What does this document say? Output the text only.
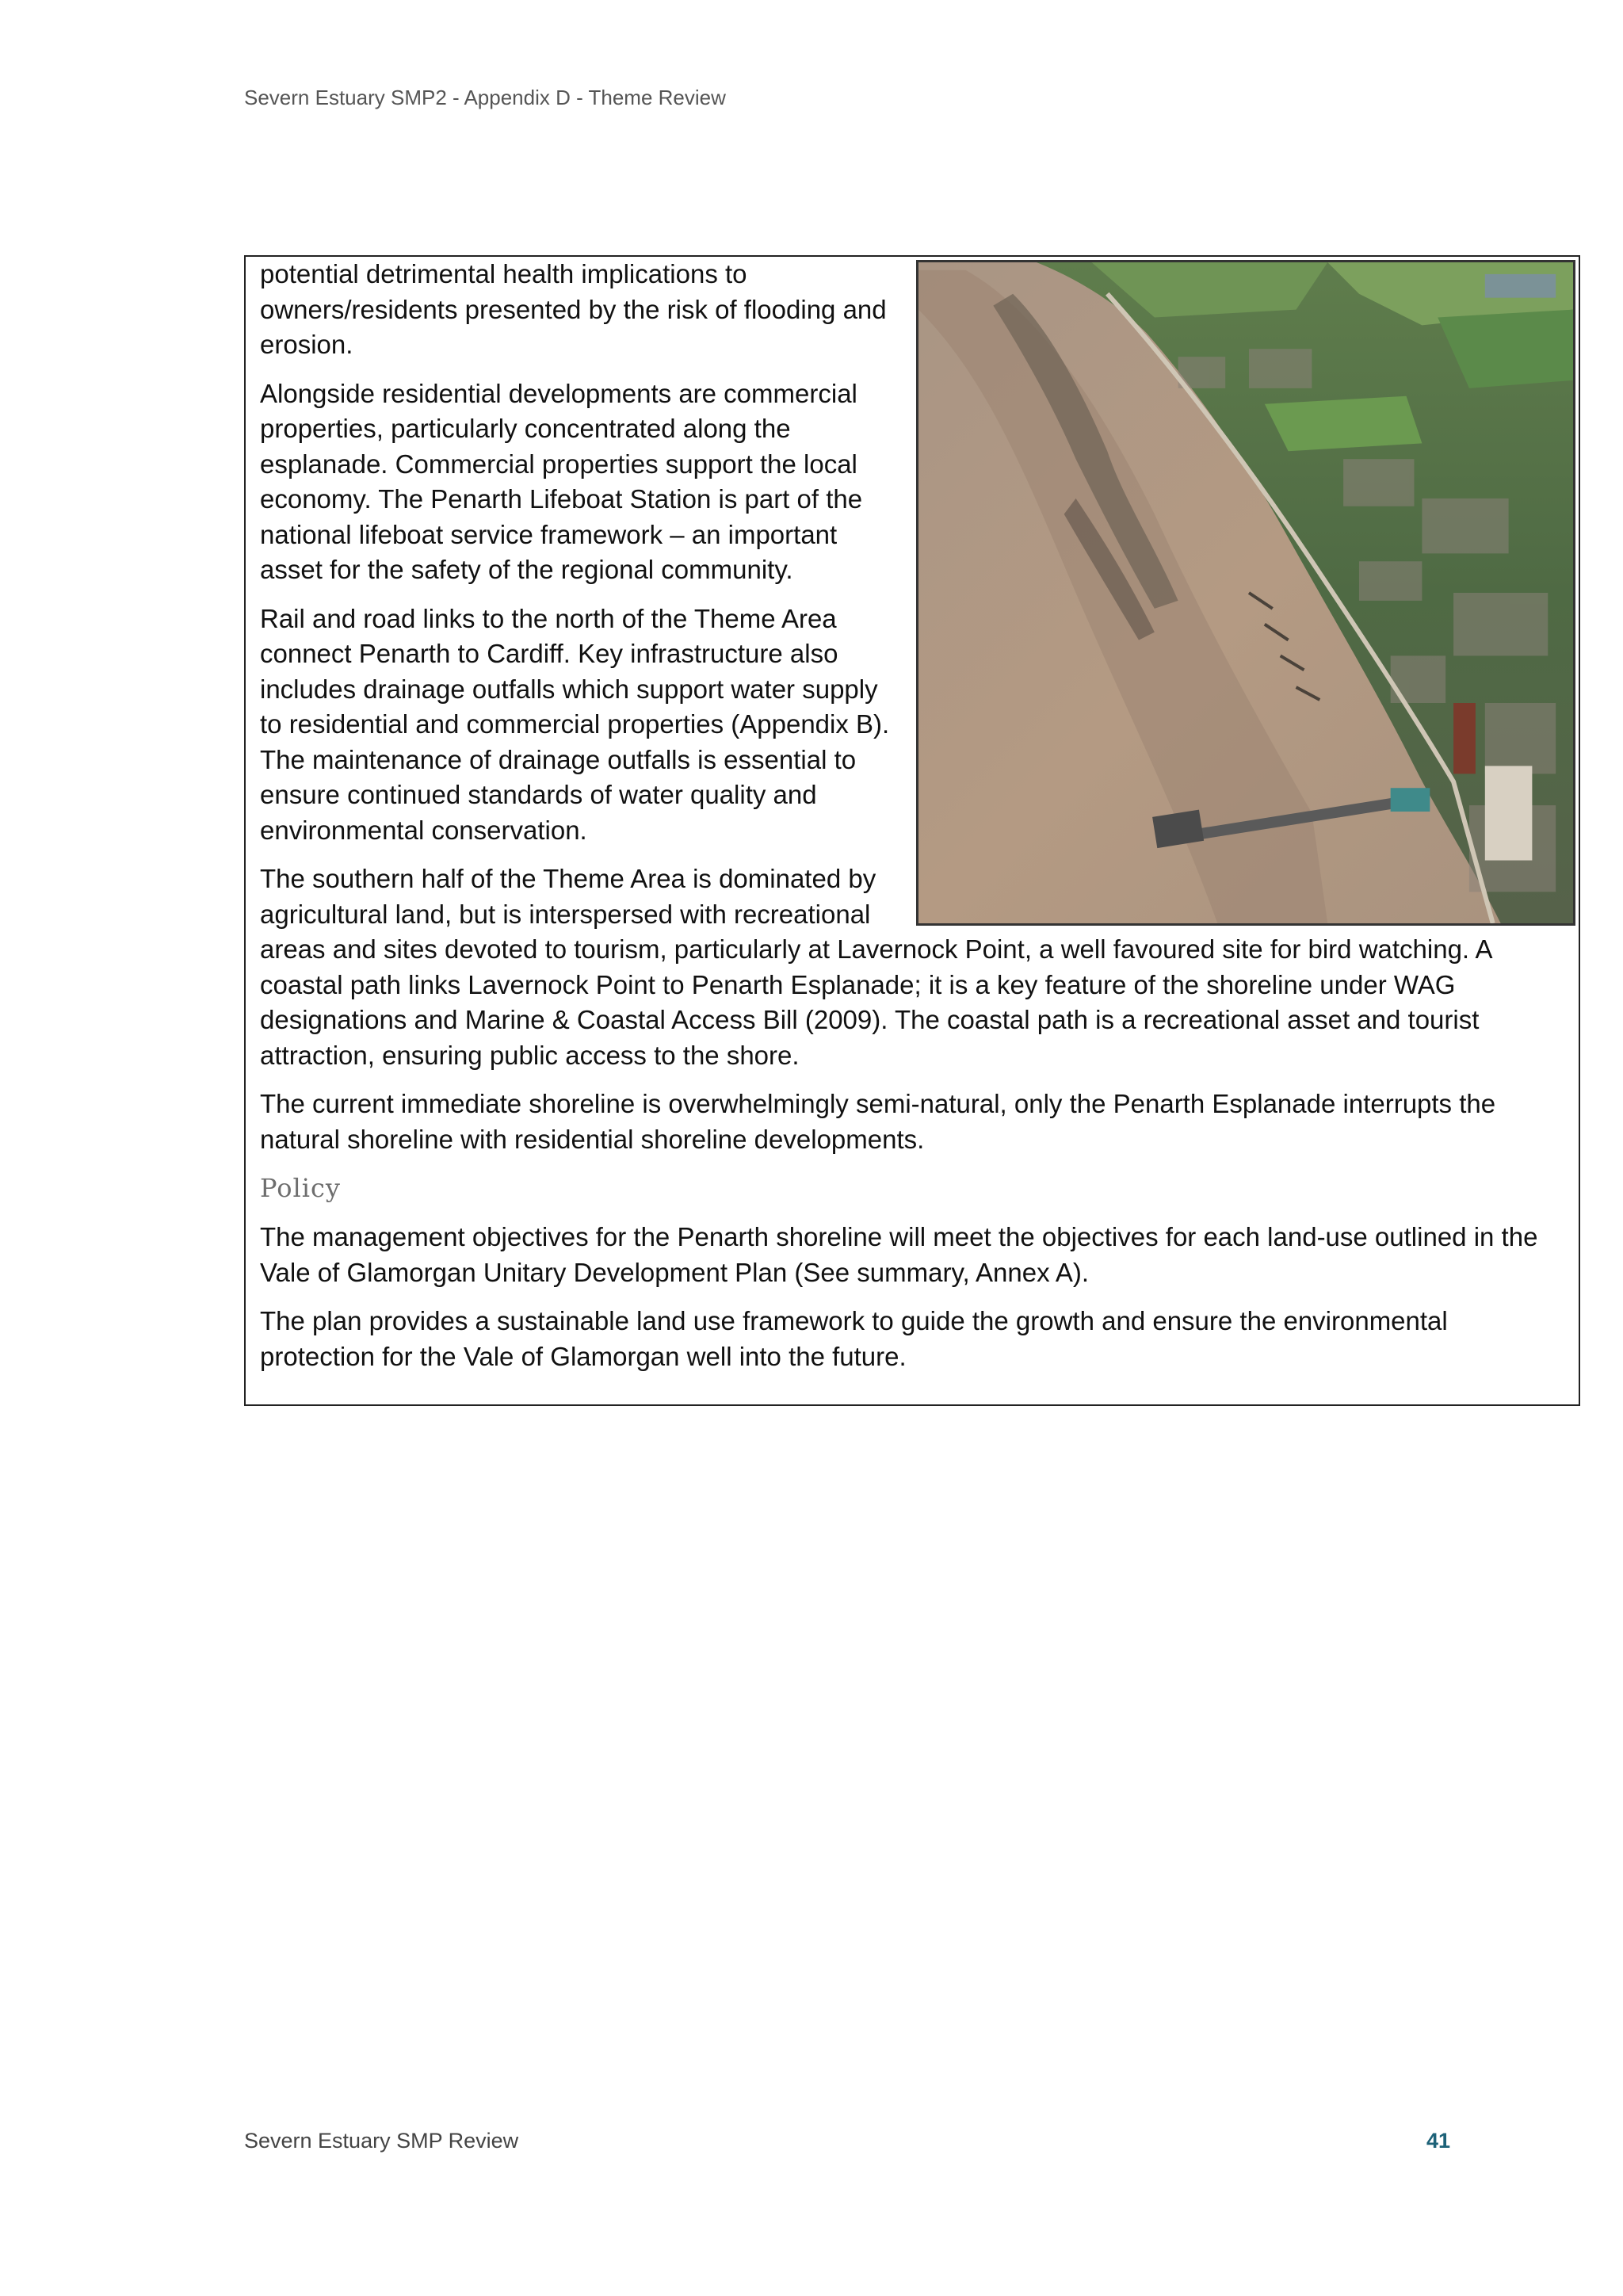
Severn Estuary SMP2 - Appendix D - Theme Review

potential detrimental health implications to owners/residents presented by the risk of flooding and erosion.

Alongside residential developments are commercial properties, particularly concentrated along the esplanade. Commercial properties support the local economy. The Penarth Lifeboat Station is part of the national lifeboat service framework – an important asset for the safety of the regional community.

Rail and road links to the north of the Theme Area connect Penarth to Cardiff. Key infrastructure also includes drainage outfalls which support water supply to residential and commercial properties (Appendix B). The maintenance of drainage outfalls is essential to ensure continued standards of water quality and environmental conservation.

The southern half of the Theme Area is dominated by agricultural land, but is interspersed with recreational areas and sites devoted to tourism, particularly at Lavernock Point, a well favoured site for bird watching. A coastal path links Lavernock Point to Penarth Esplanade; it is a key feature of the shoreline under WAG designations and Marine & Coastal Access Bill (2009). The coastal path is a recreational asset and tourist attraction, ensuring public access to the shore.

The current immediate shoreline is overwhelmingly semi-natural, only the Penarth Esplanade interrupts the natural shoreline with residential shoreline developments.

Policy

The management objectives for the Penarth shoreline will meet the objectives for each land-use outlined in the Vale of Glamorgan Unitary Development Plan (See summary, Annex A).

The plan provides a sustainable land use framework to guide the growth and ensure the environmental protection for the Vale of Glamorgan well into the future.

Severn Estuary SMP Review	41
